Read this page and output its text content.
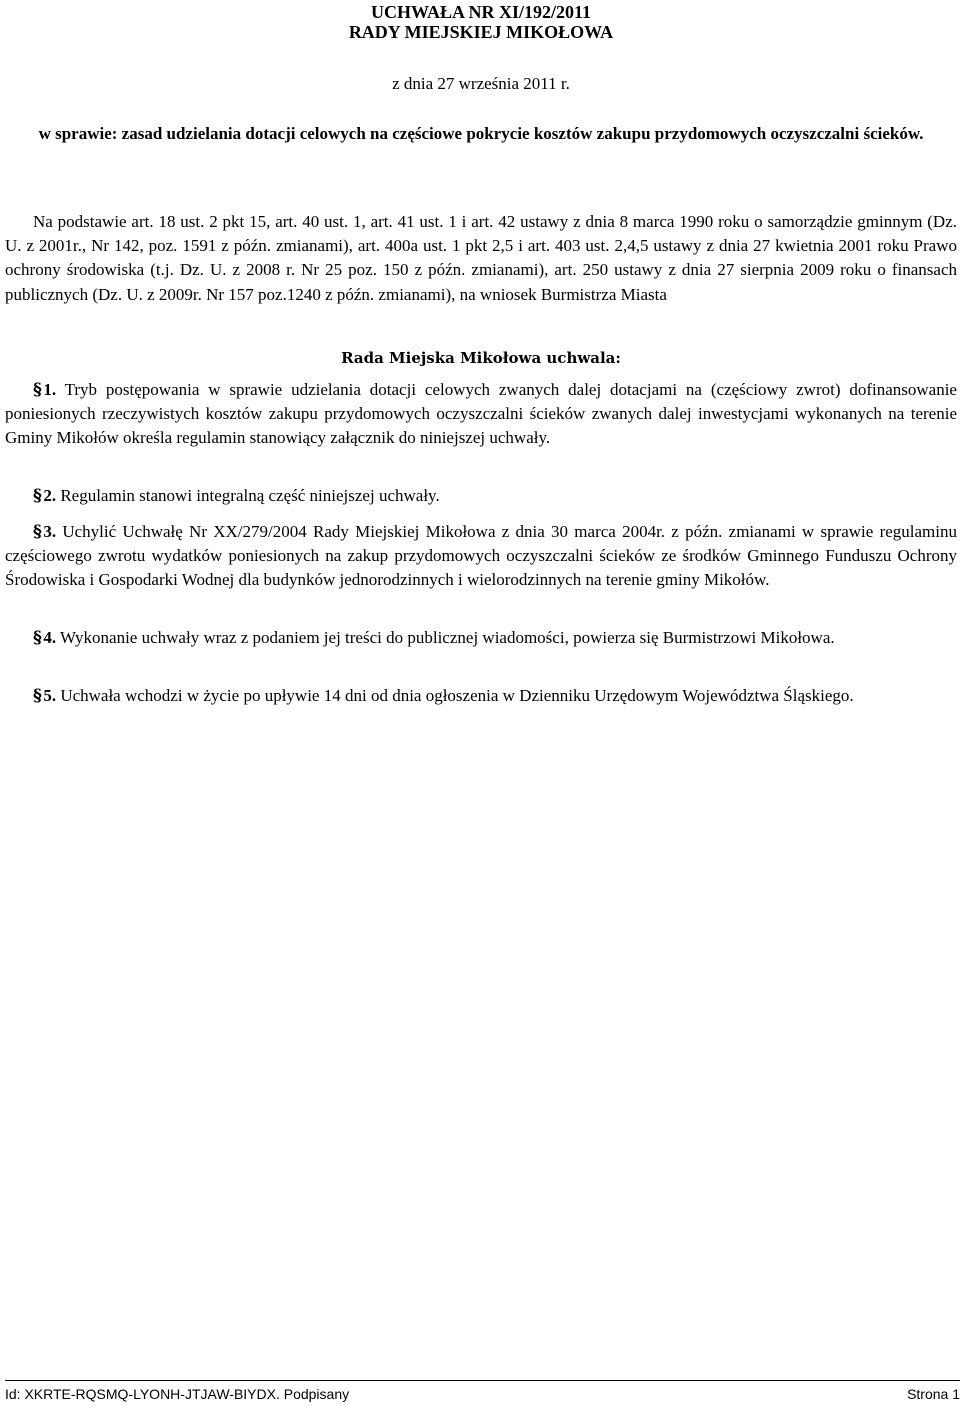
UCHWAŁA NR XI/192/2011
RADY MIEJSKIEJ MIKOŁOWA
z dnia 27 września 2011 r.
w sprawie: zasad udzielania dotacji celowych na częściowe pokrycie kosztów zakupu przydomowych oczyszczalni ścieków.
Na podstawie art. 18 ust. 2 pkt 15, art. 40 ust. 1, art. 41 ust. 1 i art. 42 ustawy z dnia 8 marca 1990 roku o samorządzie gminnym (Dz. U. z 2001r., Nr 142, poz. 1591 z późn. zmianami), art. 400a ust. 1 pkt 2,5 i art. 403 ust. 2,4,5 ustawy z dnia 27 kwietnia 2001 roku Prawo ochrony środowiska (t.j. Dz. U. z 2008 r. Nr 25 poz. 150 z późn. zmianami), art. 250 ustawy z dnia 27 sierpnia 2009 roku o finansach publicznych (Dz. U. z 2009r. Nr 157 poz.1240 z późn. zmianami), na wniosek Burmistrza Miasta
Rada Miejska Mikołowa uchwala:
§ 1. Tryb postępowania w sprawie udzielania dotacji celowych zwanych dalej dotacjami na (częściowy zwrot) dofinansowanie poniesionych rzeczywistych kosztów zakupu przydomowych oczyszczalni ścieków zwanych dalej inwestycjami wykonanych na terenie Gminy Mikołów określa regulamin stanowiący załącznik do niniejszej uchwały.
§ 2. Regulamin stanowi integralną część niniejszej uchwały.
§ 3. Uchylić Uchwałę Nr XX/279/2004 Rady Miejskiej Mikołowa z dnia 30 marca 2004r. z późn. zmianami w sprawie regulaminu częściowego zwrotu wydatków poniesionych na zakup przydomowych oczyszczalni ścieków ze środków Gminnego Funduszu Ochrony Środowiska i Gospodarki Wodnej dla budynków jednorodzinnych i wielorodzinnych na terenie gminy Mikołów.
§ 4. Wykonanie uchwały wraz z podaniem jej treści do publicznej wiadomości, powierza się Burmistrzowi Mikołowa.
§ 5. Uchwała wchodzi w życie po upływie 14 dni od dnia ogłoszenia w Dzienniku Urzędowym Województwa Śląskiego.
Id: XKRTE-RQSMQ-LYONH-JTJAW-BIYDX. Podpisany	Strona 1
